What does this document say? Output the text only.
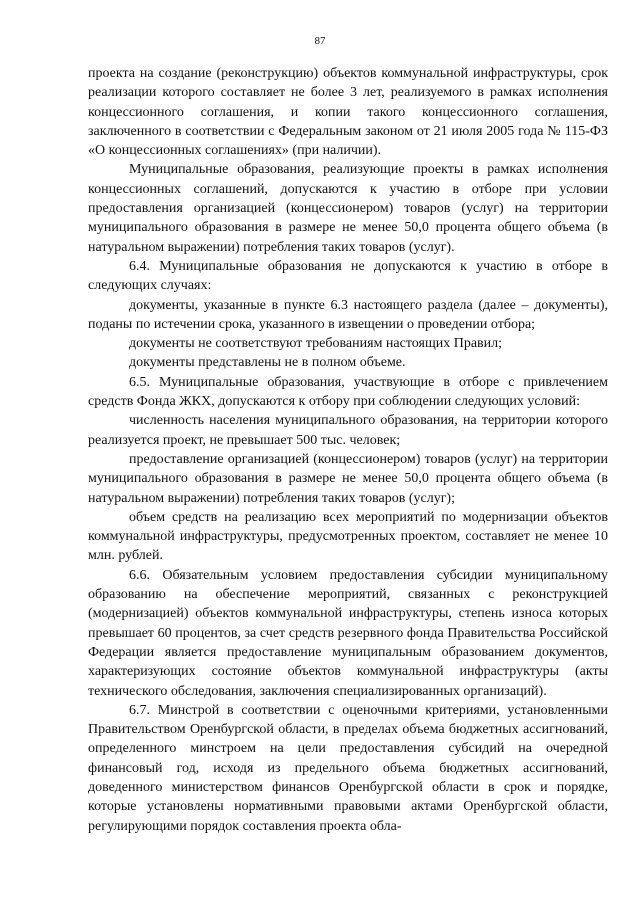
87

проекта на создание (реконструкцию) объектов коммунальной инфраструктуры, срок реализации которого составляет не более 3 лет, реализуемого в рамках исполнения концессионного соглашения, и копии такого концессионного соглашения, заключенного в соответствии с Федеральным законом от 21 июля 2005 года № 115-ФЗ «О концессионных соглашениях» (при наличии).

Муниципальные образования, реализующие проекты в рамках исполнения концессионных соглашений, допускаются к участию в отборе при условии предоставления организацией (концессионером) товаров (услуг) на территории муниципального образования в размере не менее 50,0 процента общего объема (в натуральном выражении) потребления таких товаров (услуг).

6.4. Муниципальные образования не допускаются к участию в отборе в следующих случаях:

документы, указанные в пункте 6.3 настоящего раздела (далее – документы), поданы по истечении срока, указанного в извещении о проведении отбора;

документы не соответствуют требованиям настоящих Правил;

документы представлены не в полном объеме.

6.5. Муниципальные образования, участвующие в отборе с привлечением средств Фонда ЖКХ, допускаются к отбору при соблюдении следующих условий:

численность населения муниципального образования, на территории которого реализуется проект, не превышает 500 тыс. человек;

предоставление организацией (концессионером) товаров (услуг) на территории муниципального образования в размере не менее 50,0 процента общего объема (в натуральном выражении) потребления таких товаров (услуг);

объем средств на реализацию всех мероприятий по модернизации объектов коммунальной инфраструктуры, предусмотренных проектом, составляет не менее 10 млн. рублей.

6.6. Обязательным условием предоставления субсидии муниципальному образованию на обеспечение мероприятий, связанных с реконструкцией (модернизацией) объектов коммунальной инфраструктуры, степень износа которых превышает 60 процентов, за счет средств резервного фонда Правительства Российской Федерации является предоставление муниципальным образованием документов, характеризующих состояние объектов коммунальной инфраструктуры (акты технического обследования, заключения специализированных организаций).

6.7. Минстрой в соответствии с оценочными критериями, установленными Правительством Оренбургской области, в пределах объема бюджетных ассигнований, определенного минстроем на цели предоставления субсидий на очередной финансовый год, исходя из предельного объема бюджетных ассигнований, доведенного министерством финансов Оренбургской области в срок и порядке, которые установлены нормативными правовыми актами Оренбургской области, регулирующими порядок составления проекта обла-
